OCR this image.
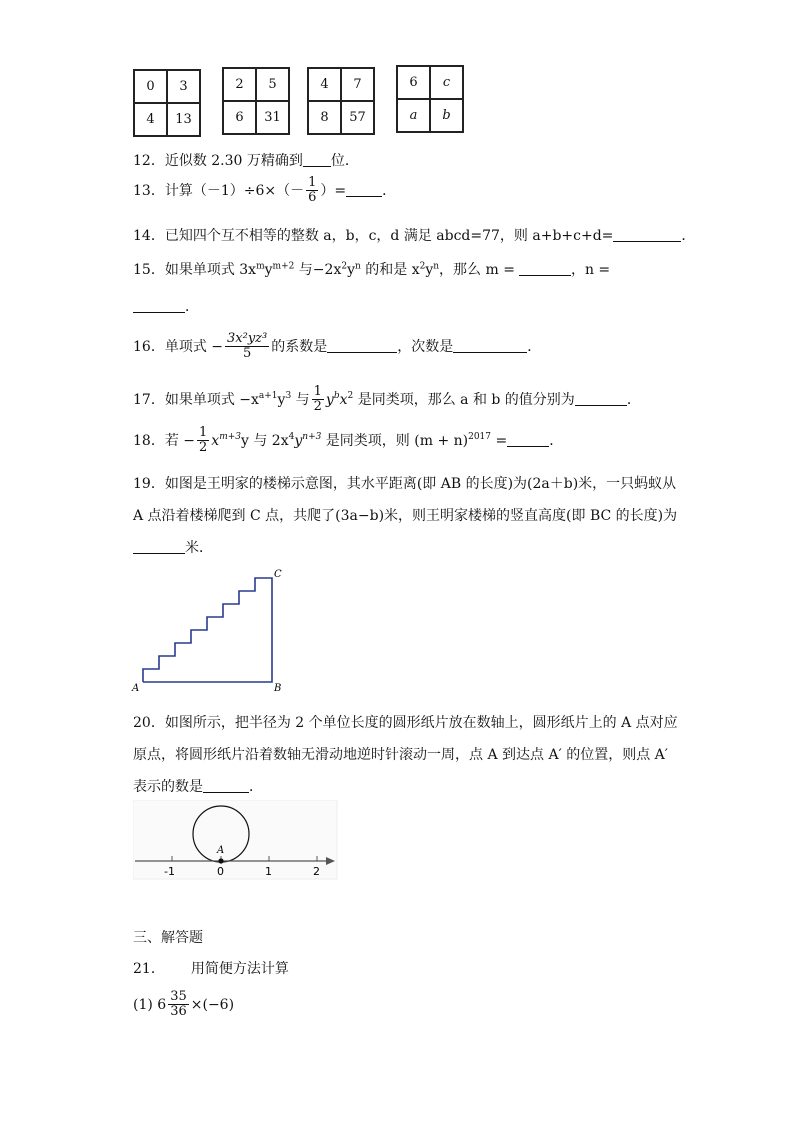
0	3
4	13
2	5
6	31
4	7
8	57
6	c
a	b
12．近似数 2.30 万精确到 位．
13．计算$(-1)\div 6\times(- \frac{1}{6}$ ）=	．
14．已知四个互不相等的整数 a，b，c，d 满足 abcd=77，则 a+b+c+d=	．
15．如果单项式 $3x^my^{m+2}$ 与$-2x^2y^n$ 的和是 $x^2y^n$，那么 m =	，n =
．
16．单项式 − $\frac{\text{3x²yz³}}{5}$ 的系数是	，次数是	．
17．如果单项式 $-x^{a+1}y^3$ 与 $\frac{1}{2} y^bx^2$ 是同类项，那么 a 和 b 的值分别为	．
18．若 − $\frac{1}{2} x^{m+3}y$ 与 $2x^4y^{n+3}$ 是同类项，则 $(m + n)^{2017}$ =	．
19．如图是王明家的楼梯示意图，其水平距离(即 AB 的长度)为(2a＋b)米，一只蚂蚁从
A 点沿着楼梯爬到 C 点，共爬了(3a−b)米，则王明家楼梯的竖直高度(即 BC 的长度)为
米．
A	B
C
20．如图所示，把半径为 2 个单位长度的圆形纸片放在数轴上，圆形纸片上的 A 点对应
原点，将圆形纸片沿着数轴无滑动地逆时针滚动一周，点 A 到达点 A′ 的位置，则点 A′
表示的数是	．
A
-1	0	1	2
三、解答题
21． 用简便方法计算
(1) $6 \frac{35}{36} \times(-6)$
